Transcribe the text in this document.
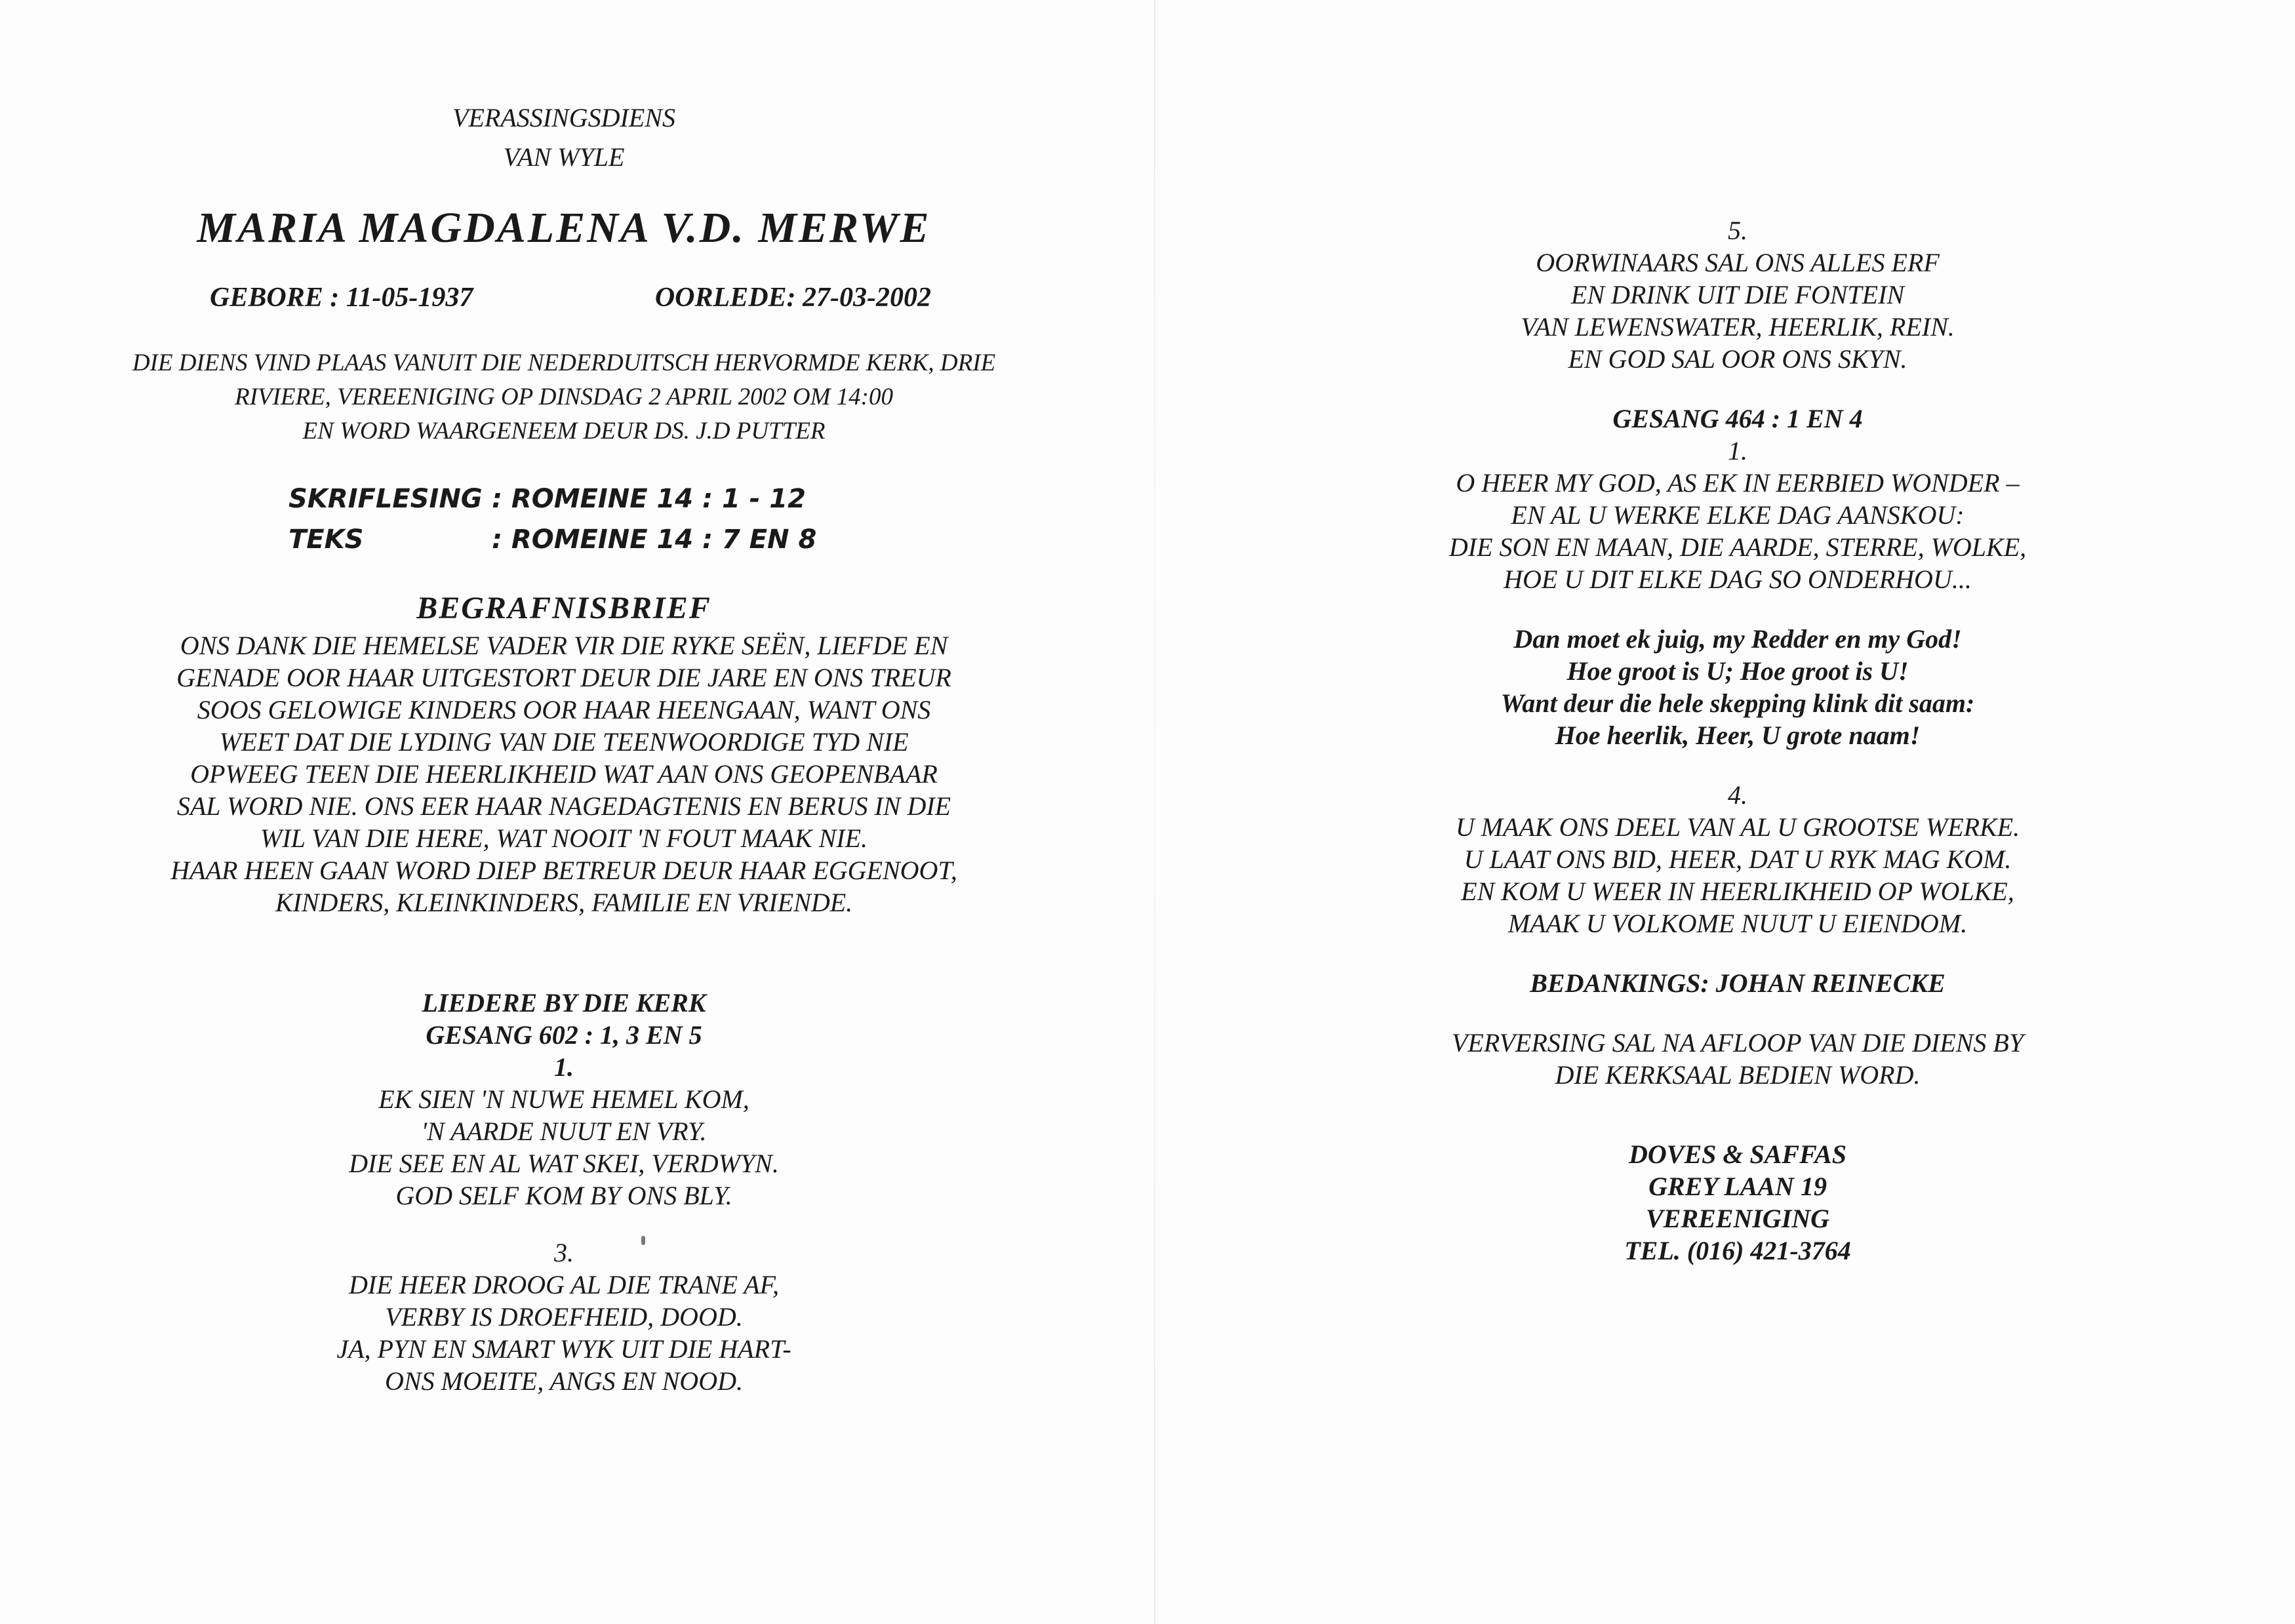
VERASSINGSDIENS
VAN WYLE
MARIA MAGDALENA V.D. MERWE
GEBORE : 11-05-1937	OORLEDE: 27-03-2002
DIE DIENS VIND PLAAS VANUIT DIE NEDERDUITSCH HERVORMDE KERK, DRIE
RIVIERE, VEREENIGING OP DINSDAG 2 APRIL 2002 OM 14:00
EN WORD WAARGENEEM DEUR DS. J.D PUTTER
SKRIFLESING : ROMEINE 14 : 1 - 12
TEKS	: ROMEINE 14 : 7 EN 8
BEGRAFNISBRIEF
ONS DANK DIE HEMELSE VADER VIR DIE RYKE SEËN, LIEFDE EN
GENADE OOR HAAR UITGESTORT DEUR DIE JARE EN ONS TREUR
SOOS GELOWIGE KINDERS OOR HAAR HEENGAAN, WANT ONS
WEET DAT DIE LYDING VAN DIE TEENWOORDIGE TYD NIE
OPWEEG TEEN DIE HEERLIKHEID WAT AAN ONS GEOPENBAAR
SAL WORD NIE. ONS EER HAAR NAGEDAGTENIS EN BERUS IN DIE
WIL VAN DIE HERE, WAT NOOIT 'N FOUT MAAK NIE.
HAAR HEEN GAAN WORD DIEP BETREUR DEUR HAAR EGGENOOT,
KINDERS, KLEINKINDERS, FAMILIE EN VRIENDE.
LIEDERE BY DIE KERK
GESANG 602 : 1, 3 EN 5
1.
EK SIEN 'N NUWE HEMEL KOM,
'N AARDE NUUT EN VRY.
DIE SEE EN AL WAT SKEI, VERDWYN.
GOD SELF KOM BY ONS BLY.
3.
DIE HEER DROOG AL DIE TRANE AF,
VERBY IS DROEFHEID, DOOD.
JA, PYN EN SMART WYK UIT DIE HART-
ONS MOEITE, ANGS EN NOOD.
5.
OORWINAARS SAL ONS ALLES ERF
EN DRINK UIT DIE FONTEIN
VAN LEWENSWATER, HEERLIK, REIN.
EN GOD SAL OOR ONS SKYN.
GESANG 464 : 1 EN 4
1.
O HEER MY GOD, AS EK IN EERBIED WONDER –
EN AL U WERKE ELKE DAG AANSKOU:
DIE SON EN MAAN, DIE AARDE, STERRE, WOLKE,
HOE U DIT ELKE DAG SO ONDERHOU...
Dan moet ek juig, my Redder en my God!
Hoe groot is U; Hoe groot is U!
Want deur die hele skepping klink dit saam:
Hoe heerlik, Heer, U grote naam!
4.
U MAAK ONS DEEL VAN AL U GROOTSE WERKE.
U LAAT ONS BID, HEER, DAT U RYK MAG KOM.
EN KOM U WEER IN HEERLIKHEID OP WOLKE,
MAAK U VOLKOME NUUT U EIENDOM.
BEDANKINGS: JOHAN REINECKE
VERVERSING SAL NA AFLOOP VAN DIE DIENS BY
DIE KERKSAAL BEDIEN WORD.
DOVES & SAFFAS
GREY LAAN 19
VEREENIGING
TEL. (016) 421-3764
